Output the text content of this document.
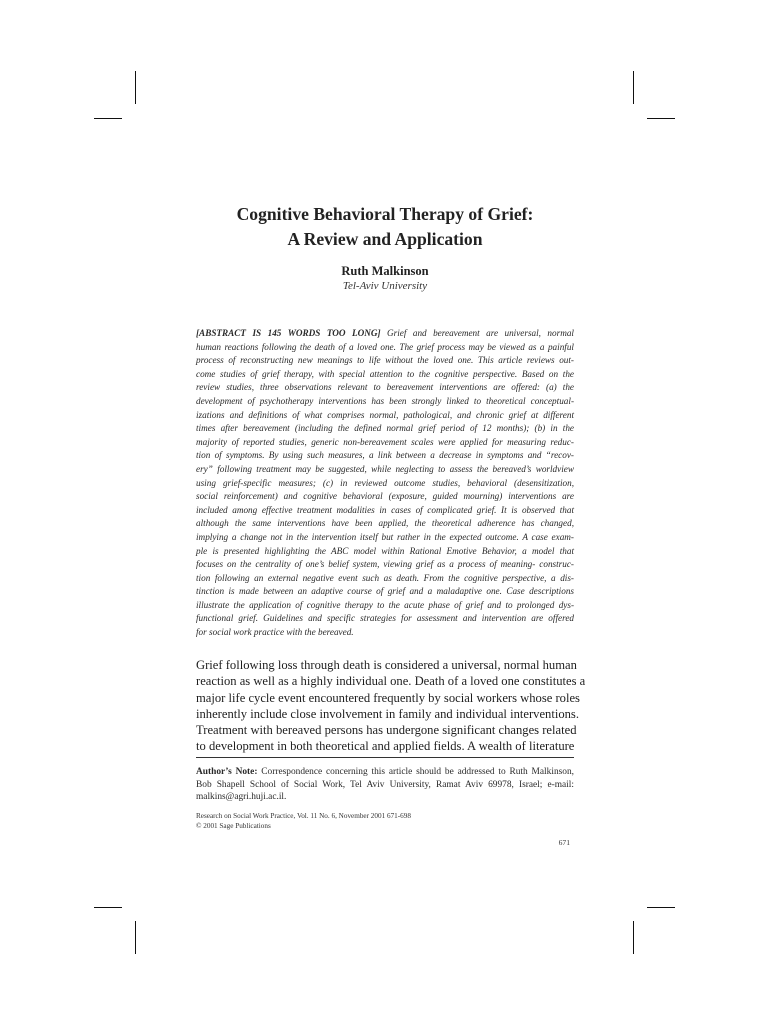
Cognitive Behavioral Therapy of Grief:
A Review and Application
Ruth Malkinson
Tel-Aviv University
[ABSTRACT IS 145 WORDS TOO LONG] Grief and bereavement are universal, normal
human reactions following the death of a loved one. The grief process may be viewed as a painful
process of reconstructing new meanings to life without the loved one. This article reviews out-
come studies of grief therapy, with special attention to the cognitive perspective. Based on the
review studies, three observations relevant to bereavement interventions are offered: (a) the
development of psychotherapy interventions has been strongly linked to theoretical conceptual-
izations and definitions of what comprises normal, pathological, and chronic grief at different
times after bereavement (including the defined normal grief period of 12 months); (b) in the
majority of reported studies, generic non-bereavement scales were applied for measuring reduc-
tion of symptoms. By using such measures, a link between a decrease in symptoms and “recov-
ery” following treatment may be suggested, while neglecting to assess the bereaved’s worldview
using grief-specific measures; (c) in reviewed outcome studies, behavioral (desensitization,
social reinforcement) and cognitive behavioral (exposure, guided mourning) interventions are
included among effective treatment modalities in cases of complicated grief. It is observed that
although the same interventions have been applied, the theoretical adherence has changed,
implying a change not in the intervention itself but rather in the expected outcome. A case exam-
ple is presented highlighting the ABC model within Rational Emotive Behavior, a model that
focuses on the centrality of one’s belief system, viewing grief as a process of meaning- construc-
tion following an external negative event such as death. From the cognitive perspective, a dis-
tinction is made between an adaptive course of grief and a maladaptive one. Case descriptions
illustrate the application of cognitive therapy to the acute phase of grief and to prolonged dys-
functional grief. Guidelines and specific strategies for assessment and intervention are offered
for social work practice with the bereaved.
Grief following loss through death is considered a universal, normal human
reaction as well as a highly individual one. Death of a loved one constitutes a
major life cycle event encountered frequently by social workers whose roles
inherently include close involvement in family and individual interventions.
Treatment with bereaved persons has undergone significant changes related
to development in both theoretical and applied fields. A wealth of literature
Author’s Note: Correspondence concerning this article should be addressed to Ruth Malkinson,
Bob Shapell School of Social Work, Tel Aviv University, Ramat Aviv 69978, Israel; e-mail:
malkins@agri.huji.ac.il.
Research on Social Work Practice, Vol. 11 No. 6, November 2001 671-698
© 2001 Sage Publications
671
